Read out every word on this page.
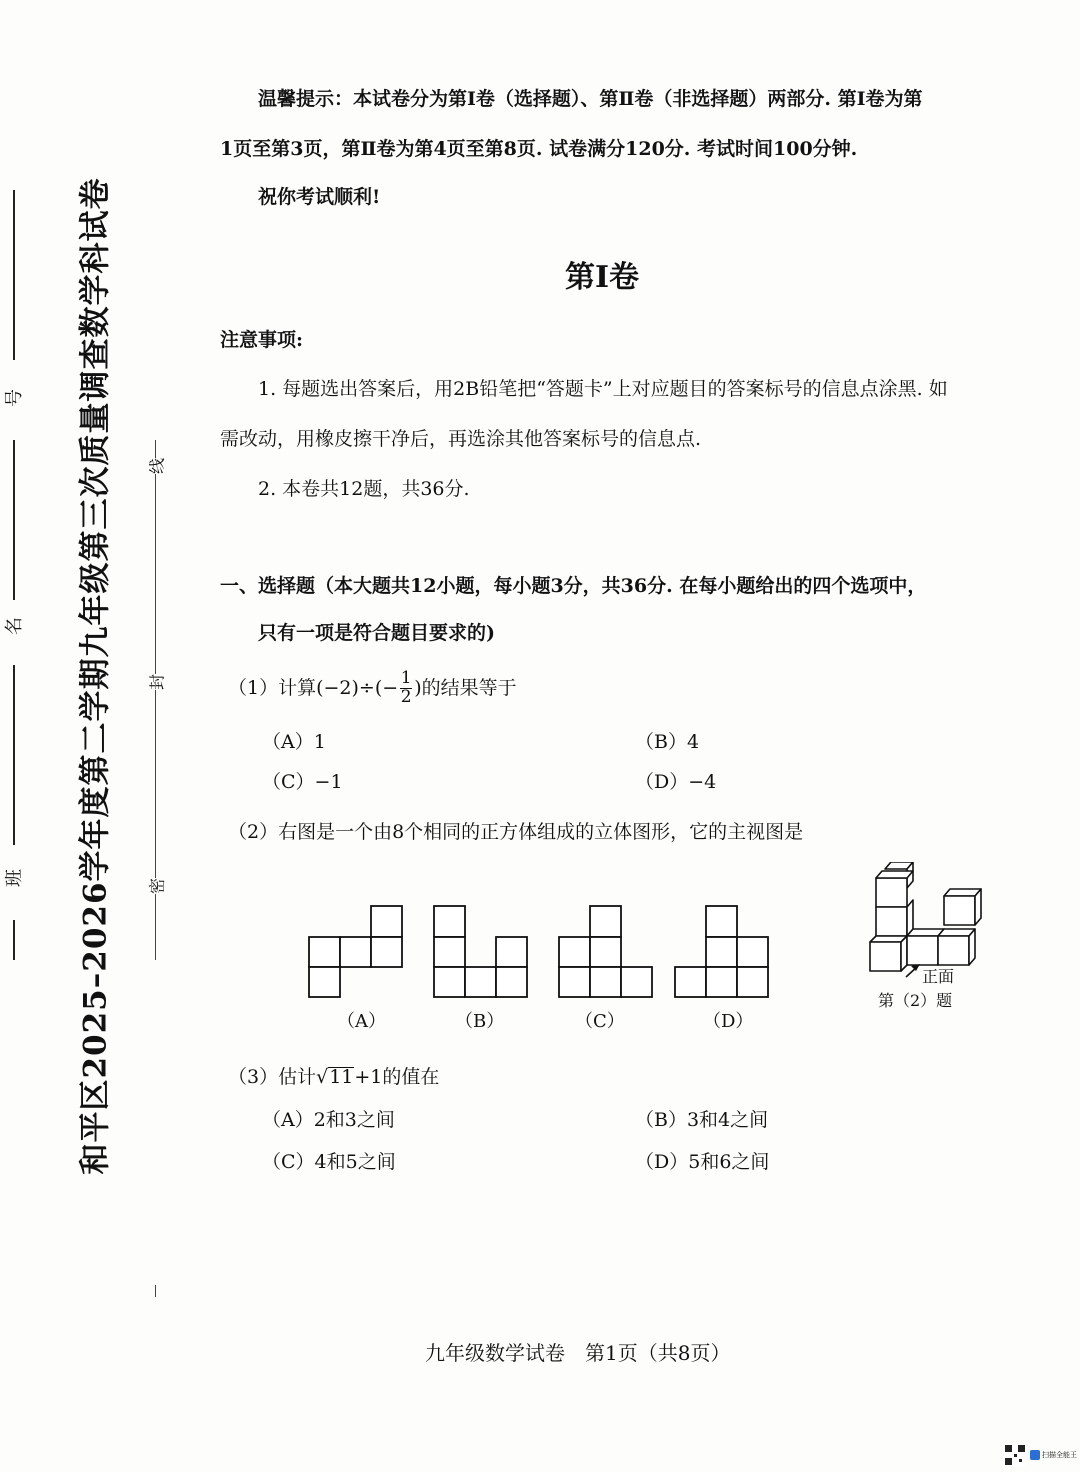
和平区2025–2026学年度第二学期九年级第三次质量调查数学科试卷 线
封
密
号
名
班
温馨提示：本试卷分为第Ⅰ卷（选择题）、第Ⅱ卷（非选择题）两部分. 第Ⅰ卷为第
1页至第3页，第Ⅱ卷为第4页至第8页. 试卷满分120分. 考试时间100分钟.
祝你考试顺利!
第Ⅰ卷
注意事项:
1. 每题选出答案后，用2B铅笔把“答题卡”上对应题目的答案标号的信息点涂黑. 如
需改动，用橡皮擦干净后，再选涂其他答案标号的信息点.
2. 本卷共12题，共36分.
一、选择题（本大题共12小题，每小题3分，共36分. 在每小题给出的四个选项中，
只有一项是符合题目要求的)
（1）计算$(-2)\div(- \frac{1}{2}$ )的结果等于
（A）1	（B）4
（C）−1	（D）−4
（2）右图是一个由8个相同的正方体组成的立体图形，它的主视图是
（A）	（B）	（C）	（D）
正面
第（2）题
（3）估计√11+1的值在
（A）2和3之间	（B）3和4之间
（C）4和5之间	（D）5和6之间
九年级数学试卷　第1页（共8页）
扫描全能王
